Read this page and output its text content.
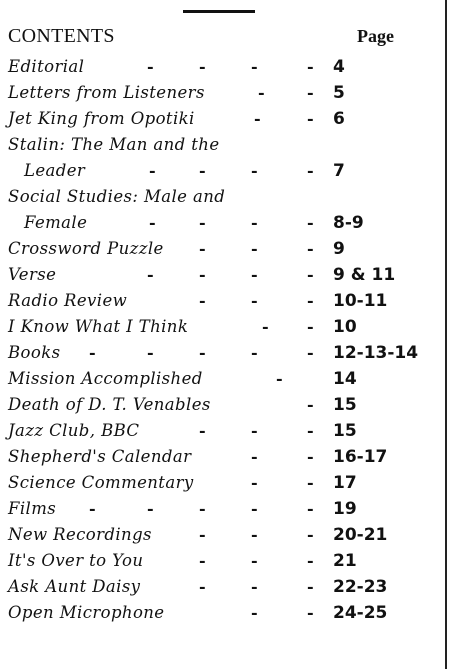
CONTENTS	Page
Editorial	-	-	-	- 4
Letters from Listeners	-	- 5
Jet King from Opotiki	-	- 6
Stalin: The Man and the
Leader	-	-	-	- 7
Social Studies: Male and
Female	-	-	-	- 8-9
Crossword Puzzle	-	-	- 9
Verse	-	-	-	- 9 & 11
Radio Review	-	-	- 10-11
I Know What I Think	- - 10
Books	-	-	-	-	- 12-13-14
Mission Accomplished	-	14
Death of D. T. Venables	- 15
Jazz Club, BBC	-	-	- 15
Shepherd's Calendar	-	- 16-17
Science Commentary	-	- 17
Films	-	-	-	-	- 19
New Recordings	-	-	- 20-21
It's Over to You	-	-	- 21
Ask Aunt Daisy	-	-	- 22-23
Open Microphone	-	- 24-25
